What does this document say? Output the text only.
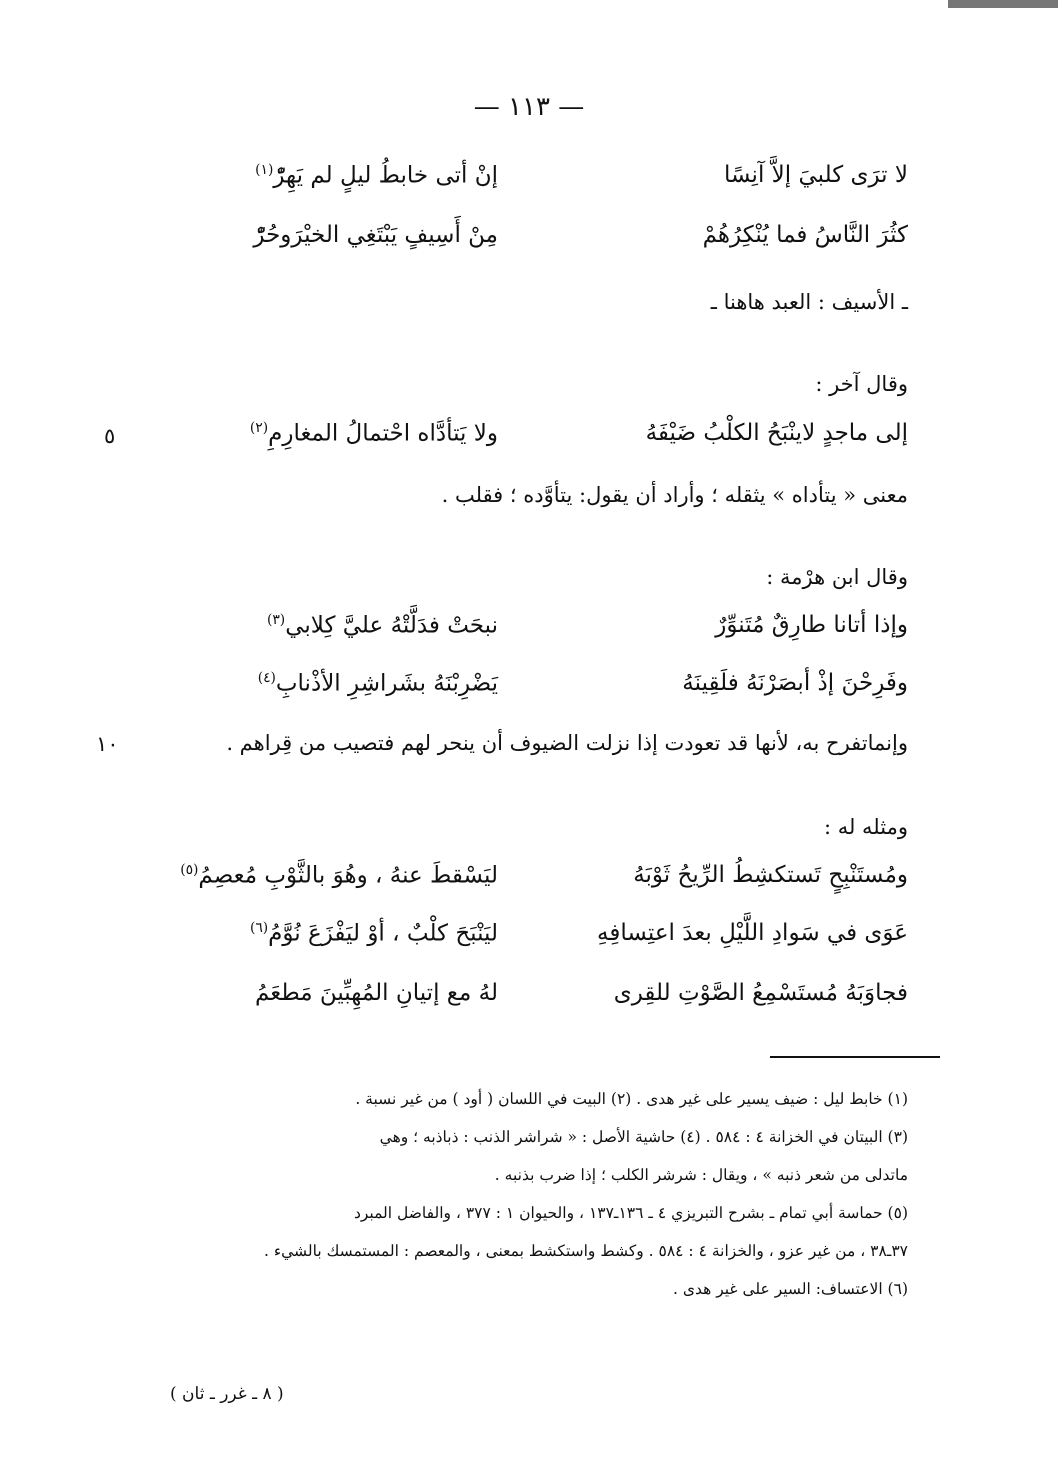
— ١١٣ —
لا ترَى كلبيَ إلاَّ آنِسًا
إنْ أتى خابطُ ليلٍ لم يَهِرّْ$^{(١)}$
كثُرَ النَّاسُ فما يُنْكِرُهُمْ
مِنْ أَسِيفٍ يَبْتَغِي الخيْرَوحُرّْ
ـ الأسيف : العبد هاهنا ـ
وقال آخر :
إلى ماجدٍ لاينْبَحُ الكلْبُ ضَيْفَهُ
ولا يَتأدَّاه احْتمالُ المغارِمِ$^{(٢)}$
٥
معنى « يتأداه » يثقله ؛ وأراد أن يقول: يتأوَّده ؛ فقلب .
وقال ابن هرْمة :
وإذا أتانا طارِقٌ مُتَنوِّرٌ
نبحَتْ فدَلَّتْهُ عليَّ كِلابي$^{(٣)}$
وفَرِحْنَ إذْ أبصَرْنَهُ فلَقِينَهُ
يَضْرِبْنَهُ بشَراشِرِ الأذْنابِ$^{(٤)}$
وإنماتفرح به، لأنها قد تعودت إذا نزلت الضيوف أن ينحر لهم فتصيب من قِراهم .
١٠
ومثله له :
ومُستَنْبِحٍ تَستكشِطُ الرِّيحُ ثَوْبَهُ
ليَسْقطَ عنهُ ، وهُوَ بالثَّوْبِ مُعصِمُ$^{(٥)}$
عَوَى في سَوادِ اللَّيْلِ بعدَ اعتِسافِهِ
ليَنْبَحَ كلْبٌ ، أوْ ليَفْزَعَ نُوَّمُ$^{(٦)}$
فجاوَبَهُ مُستَسْمِعُ الصَّوْتِ للقِرى
لهُ مع إتيانِ المُهِبِّينَ مَطعَمُ
(١) خابط ليل : ضيف يسير على غير هدى . (٢) البيت في اللسان ( أود ) من غير نسبة .
(٣) البيتان في الخزانة ٤ : ٥٨٤ . (٤) حاشية الأصل : « شراشر الذنب : ذباذبه ؛ وهي
ماتدلى من شعر ذنبه » ، ويقال : شرشر الكلب ؛ إذا ضرب بذنبه .
(٥) حماسة أبي تمام ـ بشرح التبريزي ٤ ـ ١٣٦ـ١٣٧ ، والحيوان ١ : ٣٧٧ ، والفاضل المبرد
٣٧ـ٣٨ ، من غير عزو ، والخزانة ٤ : ٥٨٤ . وكشط واستكشط بمعنى ، والمعصم : المستمسك بالشيء .
(٦) الاعتساف: السير على غير هدى .
( ٨ ـ غرر ـ ثان )
